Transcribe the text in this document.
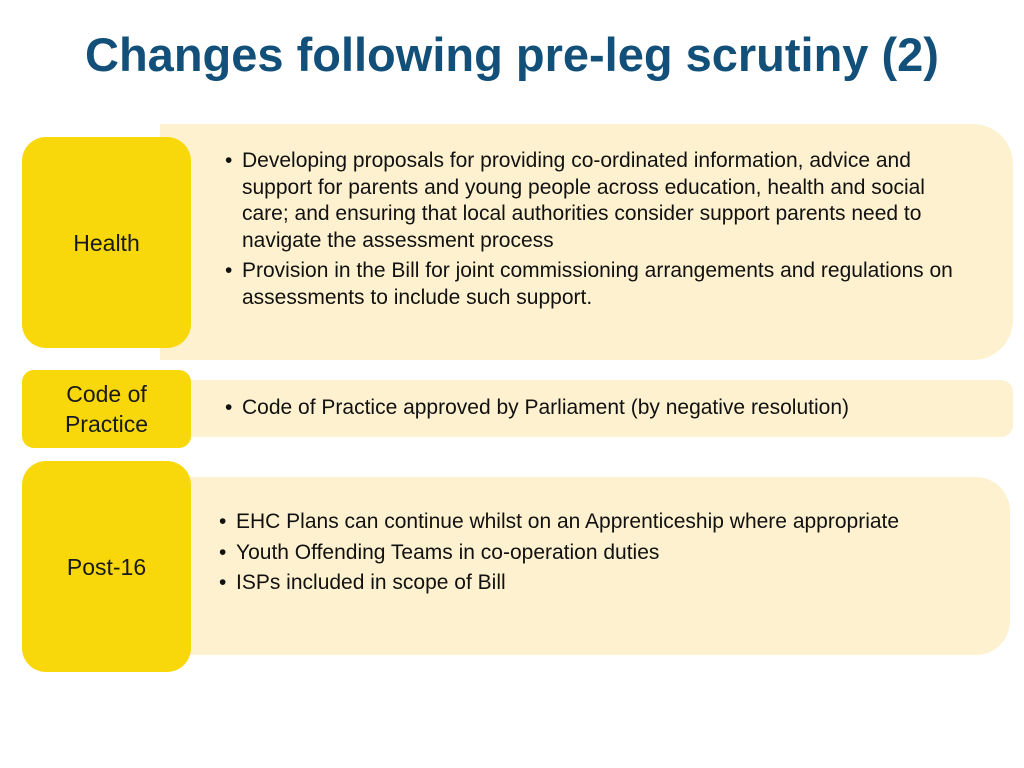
Changes following pre-leg scrutiny (2)
• Developing proposals for providing co-ordinated information, advice and support for parents and young people across education, health and social care; and ensuring that local authorities consider support parents need to navigate the assessment process
• Provision in the Bill for joint commissioning arrangements and regulations on assessments to include such support.
Health
• Code of Practice approved by Parliament (by negative resolution)
Code of
Practice
• EHC Plans can continue whilst on an Apprenticeship where appropriate
• Youth Offending Teams in co-operation duties
• ISPs included in scope of Bill
Post-16
